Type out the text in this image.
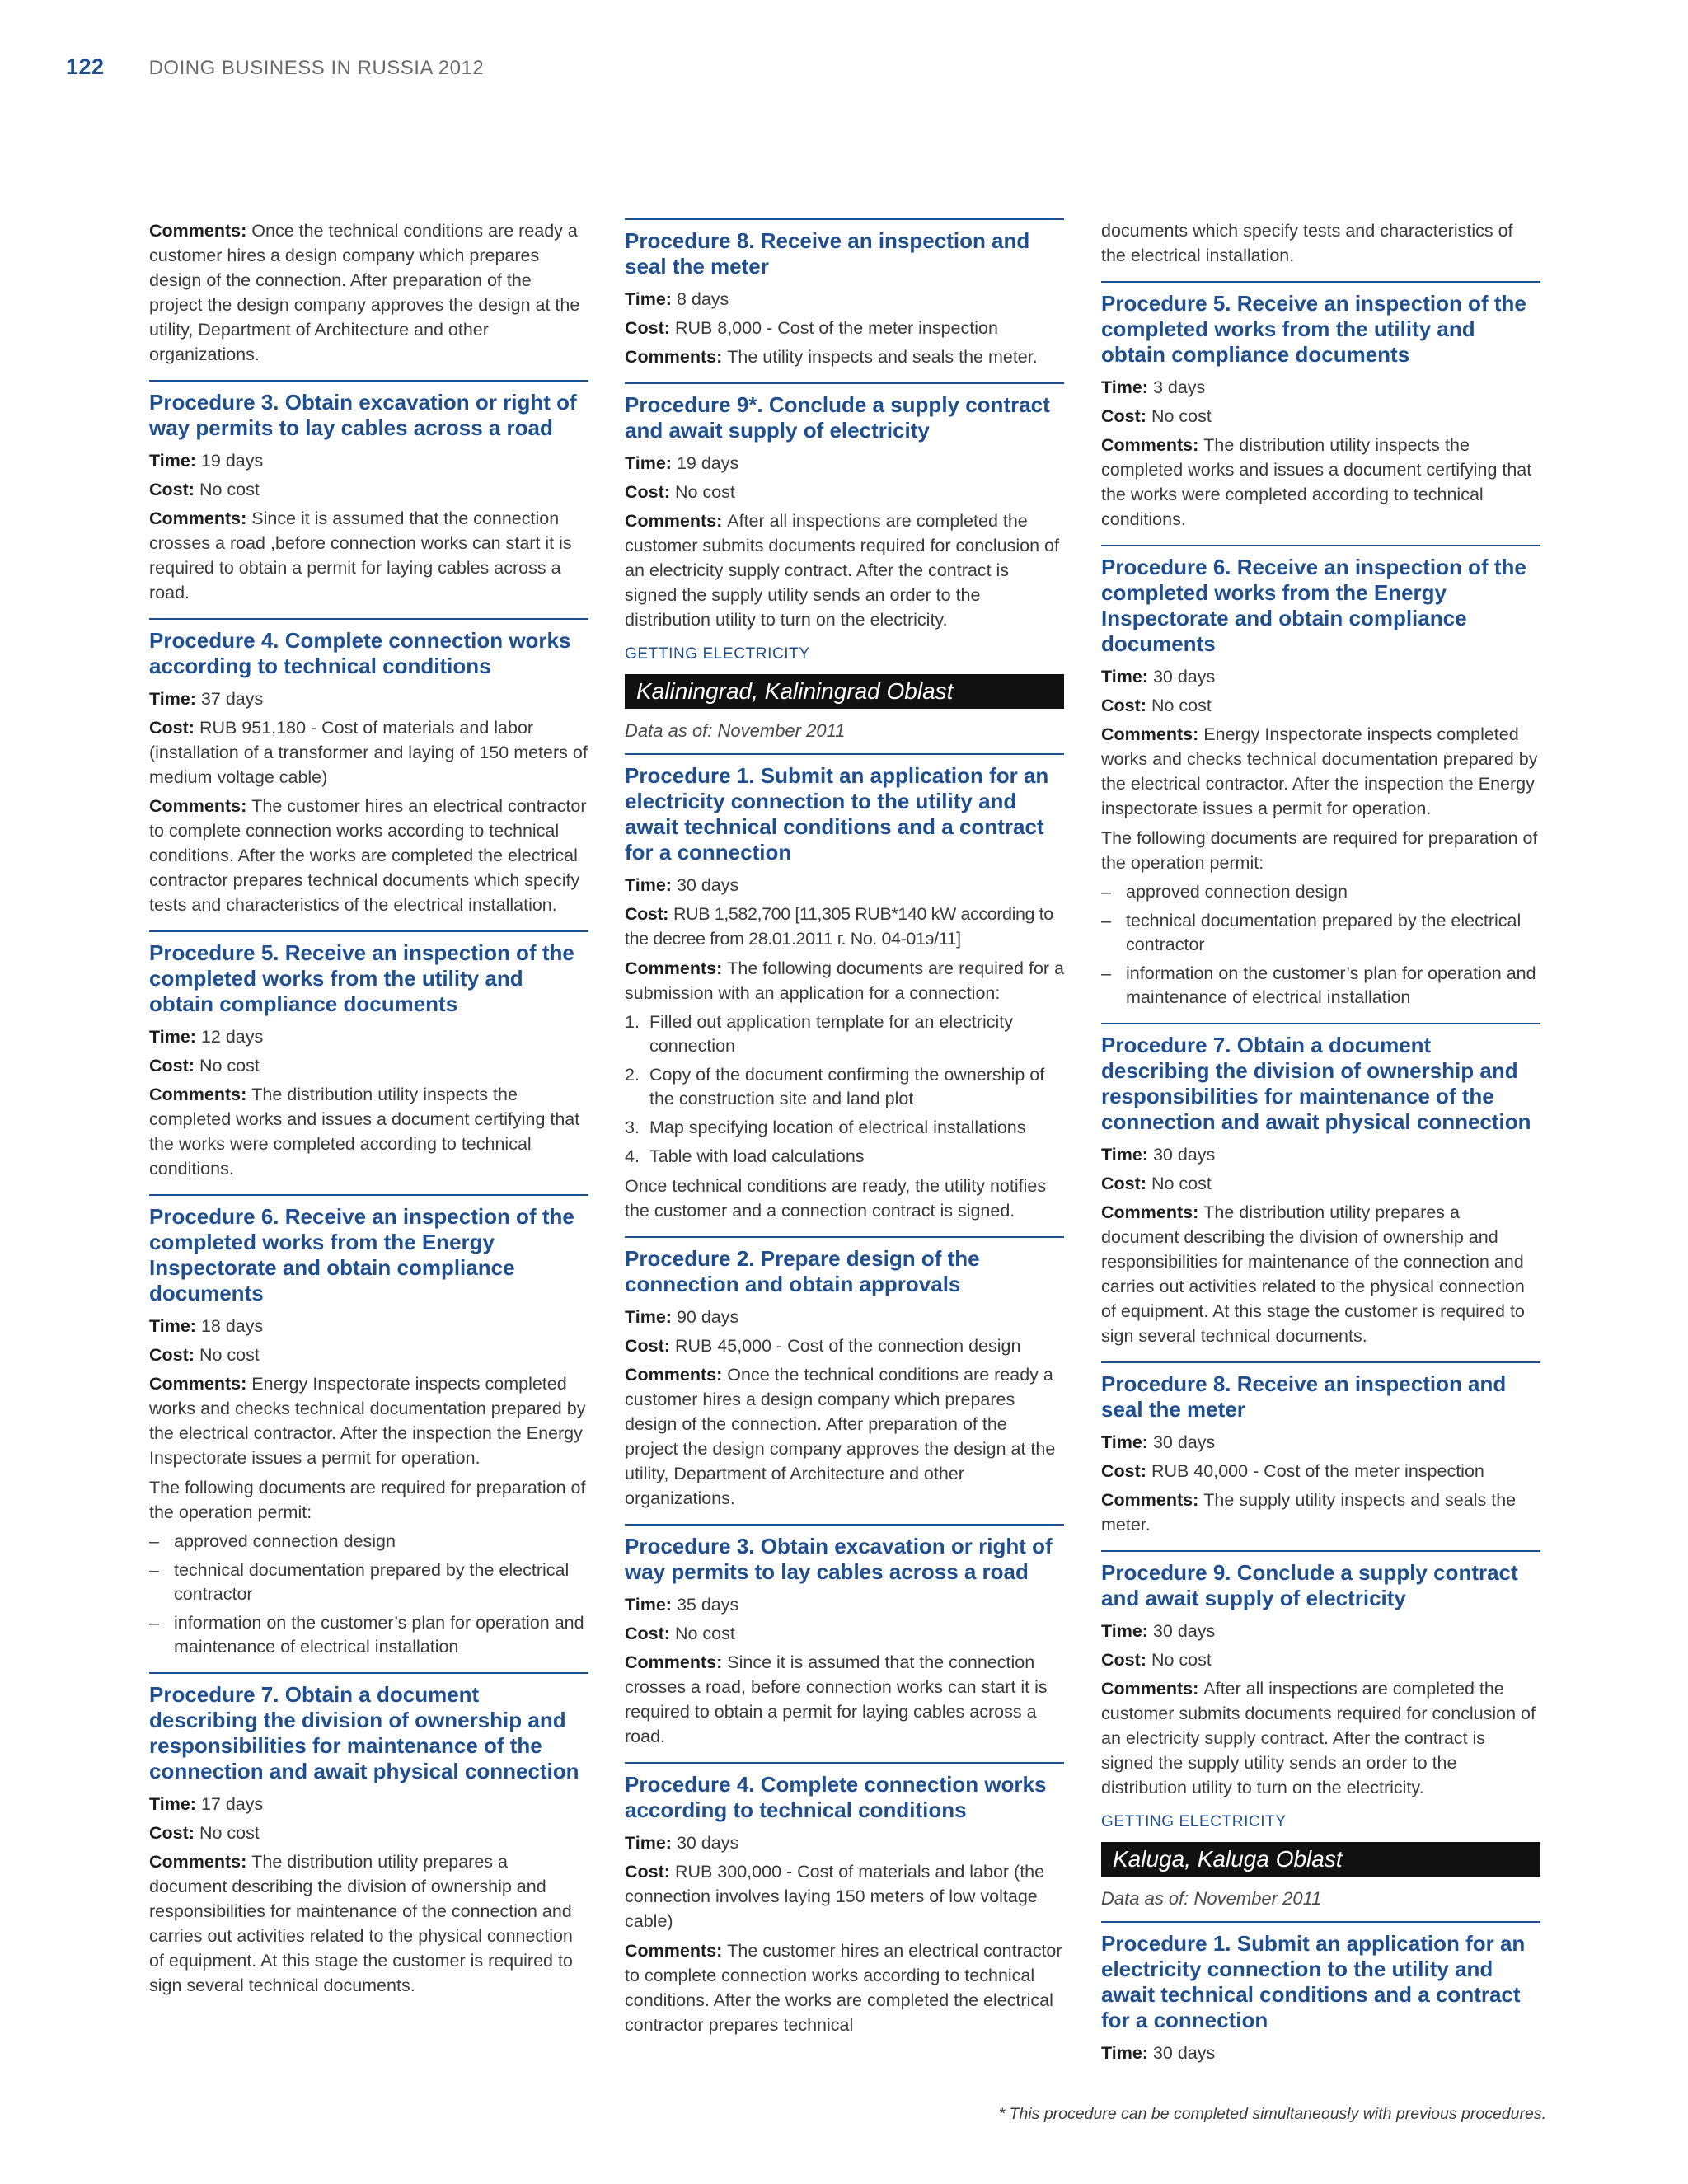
122 DOING BUSINESS IN RUSSIA 2012

Comments: Once the technical conditions are ready a customer hires a design company which prepares design of the connection. After preparation of the project the design company approves the design at the utility, Department of Architecture and other organizations.

Procedure 3. Obtain excavation or right of way permits to lay cables across a road

Time: 19 days

Cost: No cost

Comments: Since it is assumed that the connection crosses a road ,before connection works can start it is required to obtain a permit for laying cables across a road.

Procedure 4. Complete connection works according to technical conditions

Time: 37 days

Cost: RUB 951,180 - Cost of materials and labor (installation of a transformer and laying of 150 meters of medium voltage cable)

Comments: The customer hires an electrical contractor to complete connection works according to technical conditions. After the works are completed the electrical contractor prepares technical documents which specify tests and characteristics of the electrical installation.

Procedure 5. Receive an inspection of the completed works from the utility and obtain compliance documents

Time: 12 days

Cost: No cost

Comments: The distribution utility inspects the completed works and issues a document certifying that the works were completed according to technical conditions.

Procedure 6. Receive an inspection of the completed works from the Energy Inspectorate and obtain compliance documents

Time: 18 days

Cost: No cost

Comments: Energy Inspectorate inspects completed works and checks technical documentation prepared by the electrical contractor. After the inspection the Energy Inspectorate issues a permit for operation.

The following documents are required for preparation of the operation permit:

– approved connection design
– technical documentation prepared by the electrical contractor
– information on the customer’s plan for operation and maintenance of electrical installation
Procedure 7. Obtain a document describing the division of ownership and responsibilities for maintenance of the connection and await physical connection

Time: 17 days

Cost: No cost

Comments: The distribution utility prepares a document describing the division of ownership and responsibilities for maintenance of the connection and carries out activities related to the physical connection of equipment. At this stage the customer is required to sign several technical documents.

Procedure 8. Receive an inspection and seal the meter

Time: 8 days

Cost: RUB 8,000 - Cost of the meter inspection

Comments: The utility inspects and seals the meter.

Procedure 9*. Conclude a supply contract and await supply of electricity

Time: 19 days

Cost: No cost

Comments: After all inspections are completed the customer submits documents required for conclusion of an electricity supply contract. After the contract is signed the supply utility sends an order to the distribution utility to turn on the electricity.

GETTING ELECTRICITY
Kaliningrad, Kaliningrad Oblast
Data as of: November 2011
Procedure 1. Submit an application for an electricity connection to the utility and await technical conditions and a contract for a connection

Time: 30 days

Cost: RUB 1,582,700 [11,305 RUB*140 kW according to the decree from 28.01.2011 г. No. 04-01э/11]

Comments: The following documents are required for a submission with an application for a connection:

1. Filled out application template for an electricity connection
2. Copy of the document confirming the ownership of the construction site and land plot
3. Map specifying location of electrical installations
4. Table with load calculations

Once technical conditions are ready, the utility notifies the customer and a connection contract is signed.

Procedure 2. Prepare design of the connection and obtain approvals

Time: 90 days

Cost: RUB 45,000 - Cost of the connection design

Comments: Once the technical conditions are ready a customer hires a design company which prepares design of the connection. After preparation of the project the design company approves the design at the utility, Department of Architecture and other organizations.

Procedure 3. Obtain excavation or right of way permits to lay cables across a road

Time: 35 days

Cost: No cost

Comments: Since it is assumed that the connection crosses a road, before connection works can start it is required to obtain a permit for laying cables across a road.

Procedure 4. Complete connection works according to technical conditions

Time: 30 days

Cost: RUB 300,000 - Cost of materials and labor (the connection involves laying 150 meters of low voltage cable)

Comments: The customer hires an electrical contractor to complete connection works according to technical conditions. After the works are completed the electrical contractor prepares technical

documents which specify tests and characteristics of the electrical installation.

Procedure 5. Receive an inspection of the completed works from the utility and obtain compliance documents

Time: 3 days

Cost: No cost

Comments: The distribution utility inspects the completed works and issues a document certifying that the works were completed according to technical conditions.

Procedure 6. Receive an inspection of the completed works from the Energy Inspectorate and obtain compliance documents

Time: 30 days

Cost: No cost

Comments: Energy Inspectorate inspects completed works and checks technical documentation prepared by the electrical contractor. After the inspection the Energy inspectorate issues a permit for operation.

The following documents are required for preparation of the operation permit:

– approved connection design
– technical documentation prepared by the electrical contractor
– information on the customer’s plan for operation and maintenance of electrical installation
Procedure 7. Obtain a document describing the division of ownership and responsibilities for maintenance of the connection and await physical connection

Time: 30 days

Cost: No cost

Comments: The distribution utility prepares a document describing the division of ownership and responsibilities for maintenance of the connection and carries out activities related to the physical connection of equipment. At this stage the customer is required to sign several technical documents.

Procedure 8. Receive an inspection and seal the meter

Time: 30 days

Cost: RUB 40,000 - Cost of the meter inspection

Comments: The supply utility inspects and seals the meter.

Procedure 9. Conclude a supply contract and await supply of electricity

Time: 30 days

Cost: No cost

Comments: After all inspections are completed the customer submits documents required for conclusion of an electricity supply contract. After the contract is signed the supply utility sends an order to the distribution utility to turn on the electricity.

GETTING ELECTRICITY
Kaluga, Kaluga Oblast
Data as of: November 2011
Procedure 1. Submit an application for an electricity connection to the utility and await technical conditions and a contract for a connection

Time: 30 days

* This procedure can be completed simultaneously with previous procedures.
